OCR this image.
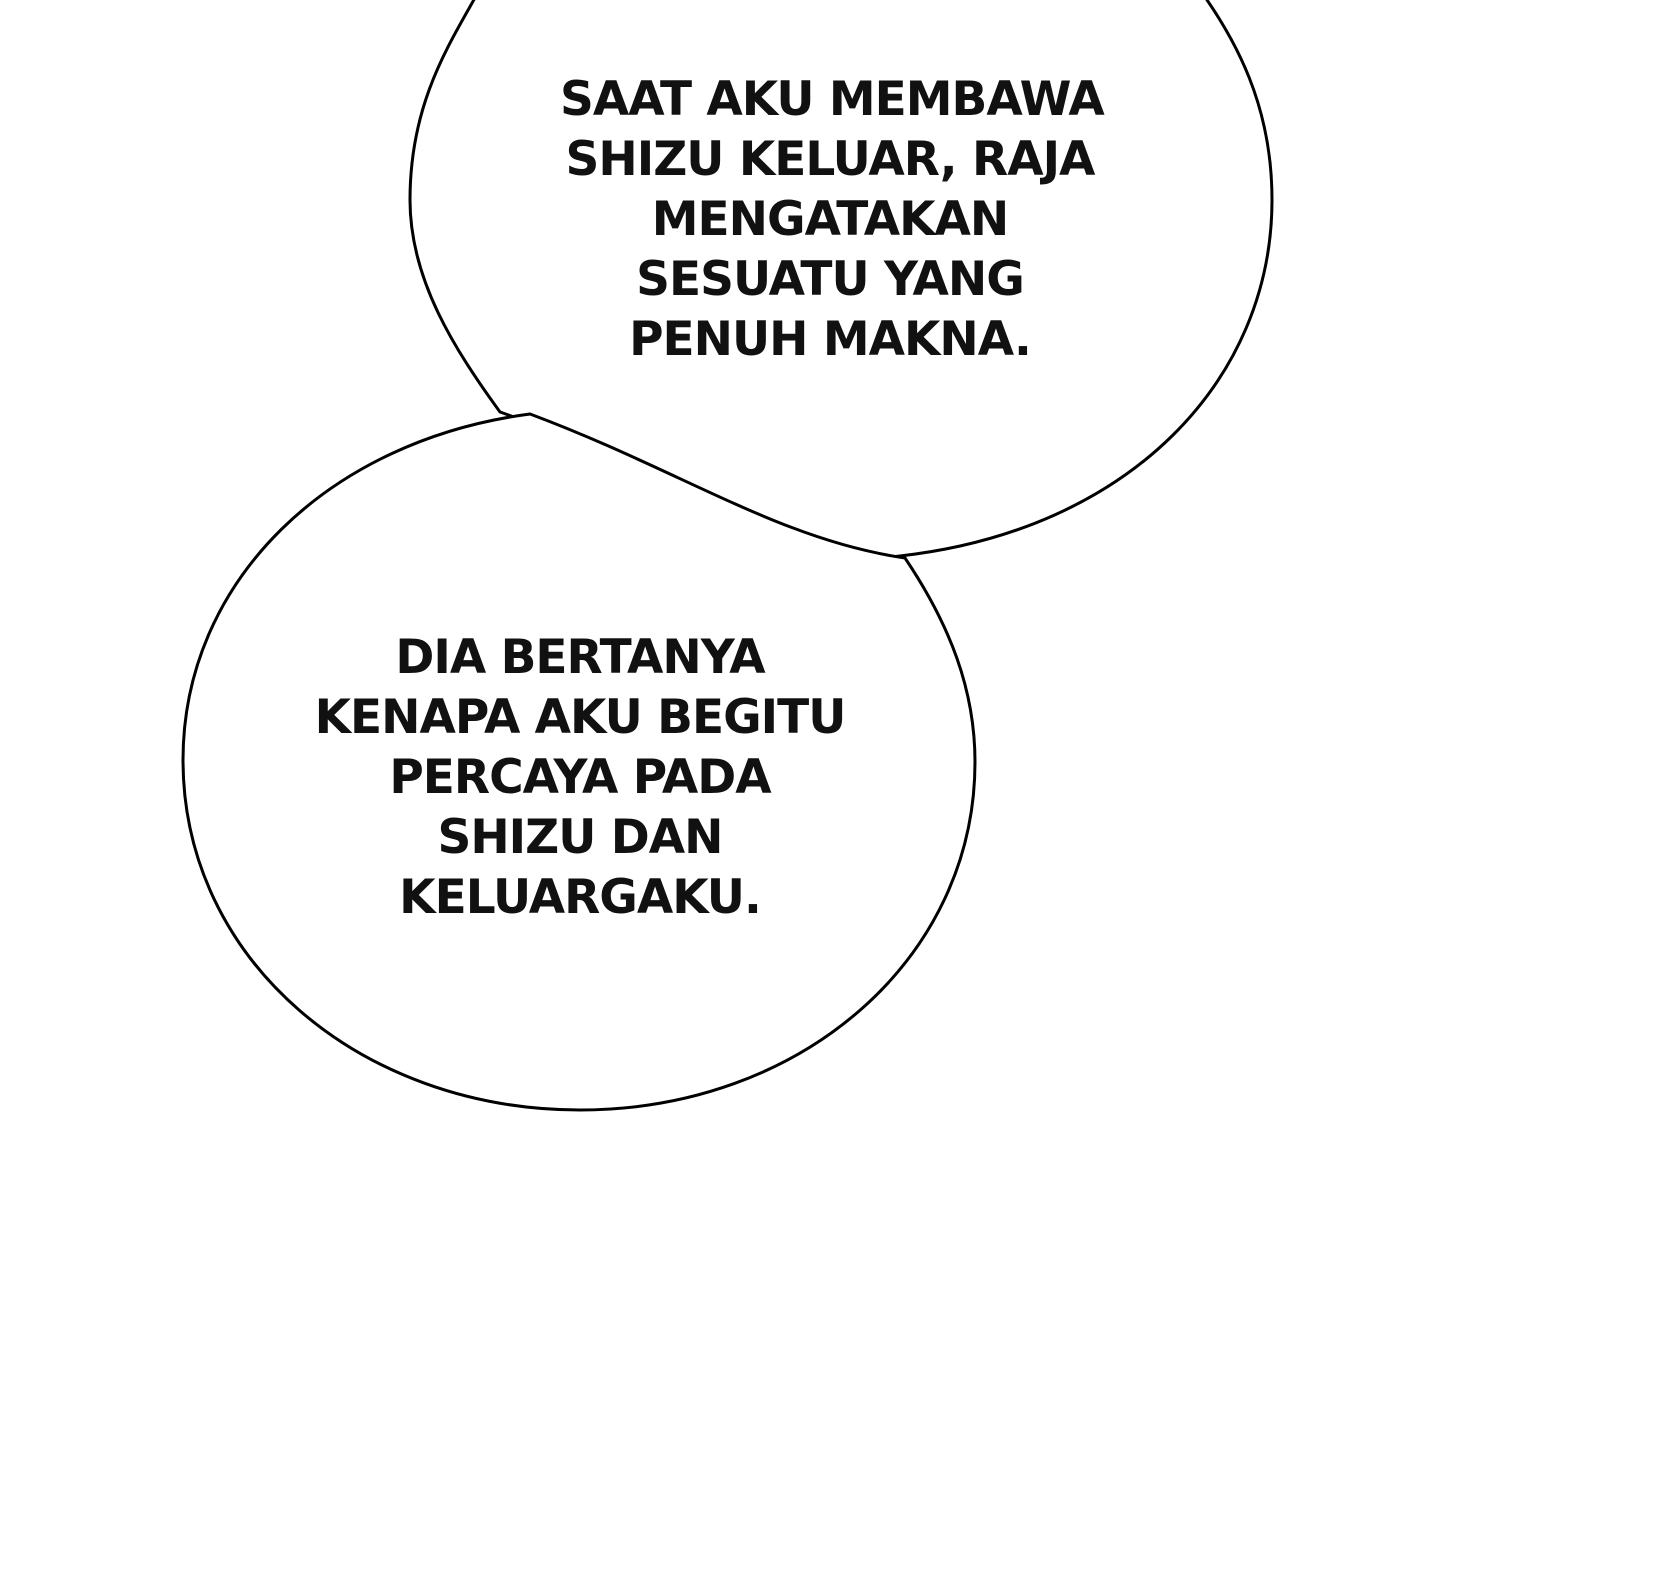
SAAT AKU MEMBAWA
SHIZU KELUAR, RAJA
MENGATAKAN
SESUATU YANG
PENUH MAKNA.
DIA BERTANYA
KENAPA AKU BEGITU
PERCAYA PADA
SHIZU DAN
KELUARGAKU.
